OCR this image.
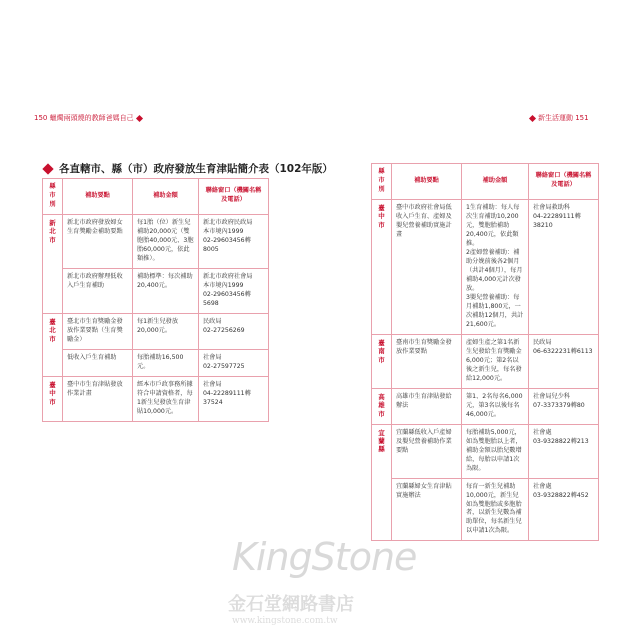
150 蠟燭兩頭燒的教師爸媽自己	新生活運動 151
各直轄市、縣（市）政府發放生育津貼簡介表（102年版）
縣市別	補助要點	補助金額	聯絡窗口（機關名稱及電話）
新北市	新北市政府發放婦女生育獎勵金補助要點	每1胎（位）新生兒補助20,000元（雙胞胎40,000元、3胞胎60,000元，依此類推）。	新北市政府民政局
本市境內1999
02-29603456轉8005
	新北市政府辦理低收入戶生育補助	補助標準：每次補助20,400元。	新北市政府社會局
本市境內1999
02-29603456轉5698
臺北市	臺北市生育獎勵金發放作業要點（生育獎勵金）	每1新生兒發放20,000元。	民政局
02-27256269
	低收入戶生育補助	每胎補助16,500元。	社會局
02-27597725
臺中市	臺中市生育津貼發放作業計畫	經本市戶政事務所據符合申請資格者，每1新生兒發放生育津貼10,000元。	社會局
04-22289111轉37524
縣市別	補助要點	補助金額	聯絡窗口（機關名稱及電話）
臺中市	臺中市政府社會局低收入戶生育、產婦及嬰兒營養補助實施計畫	1生育補助：每人每次生育補助10,200元，雙胞胎補助20,400元，依此類推。
2產婦營養補助：補助分娩前後各2個月（共計4個月），每月補助4,000元計次發放。
3嬰兒營養補助：每月補助1,800元，一次補助12個月，共計21,600元。	社會局救助科
04-22289111轉38210
臺南市	臺南市生育獎勵金發放作業要點	產婦生產之第1名新生兒發給生育獎勵金6,000元；第2名以後之新生兒，每名發給12,000元。	民政局
06-6322231轉6113
高雄市	高雄市生育津貼發給辦法	第1、2名每名6,000元，第3名以後每名46,000元。	社會局兒少科
07-3373379轉80
宜蘭縣	宜蘭縣低收入戶產婦及嬰兒營養補助作業要點	每胎補助5,000元，如為雙胞胎以上者，補助金額以胎兒數增給，每胎以申請1次為限。	社會處
03-9328822轉213
	宜蘭縣婦女生育津貼實施辦法	每育一新生兒補助10,000元，新生兒如為雙胞胎或多胞胎者，以新生兒數為補助單位，每名新生兒以申請1次為限。	社會處
03-9328822轉452
KingStone
金石堂網路書店
www.kingstone.com.tw
